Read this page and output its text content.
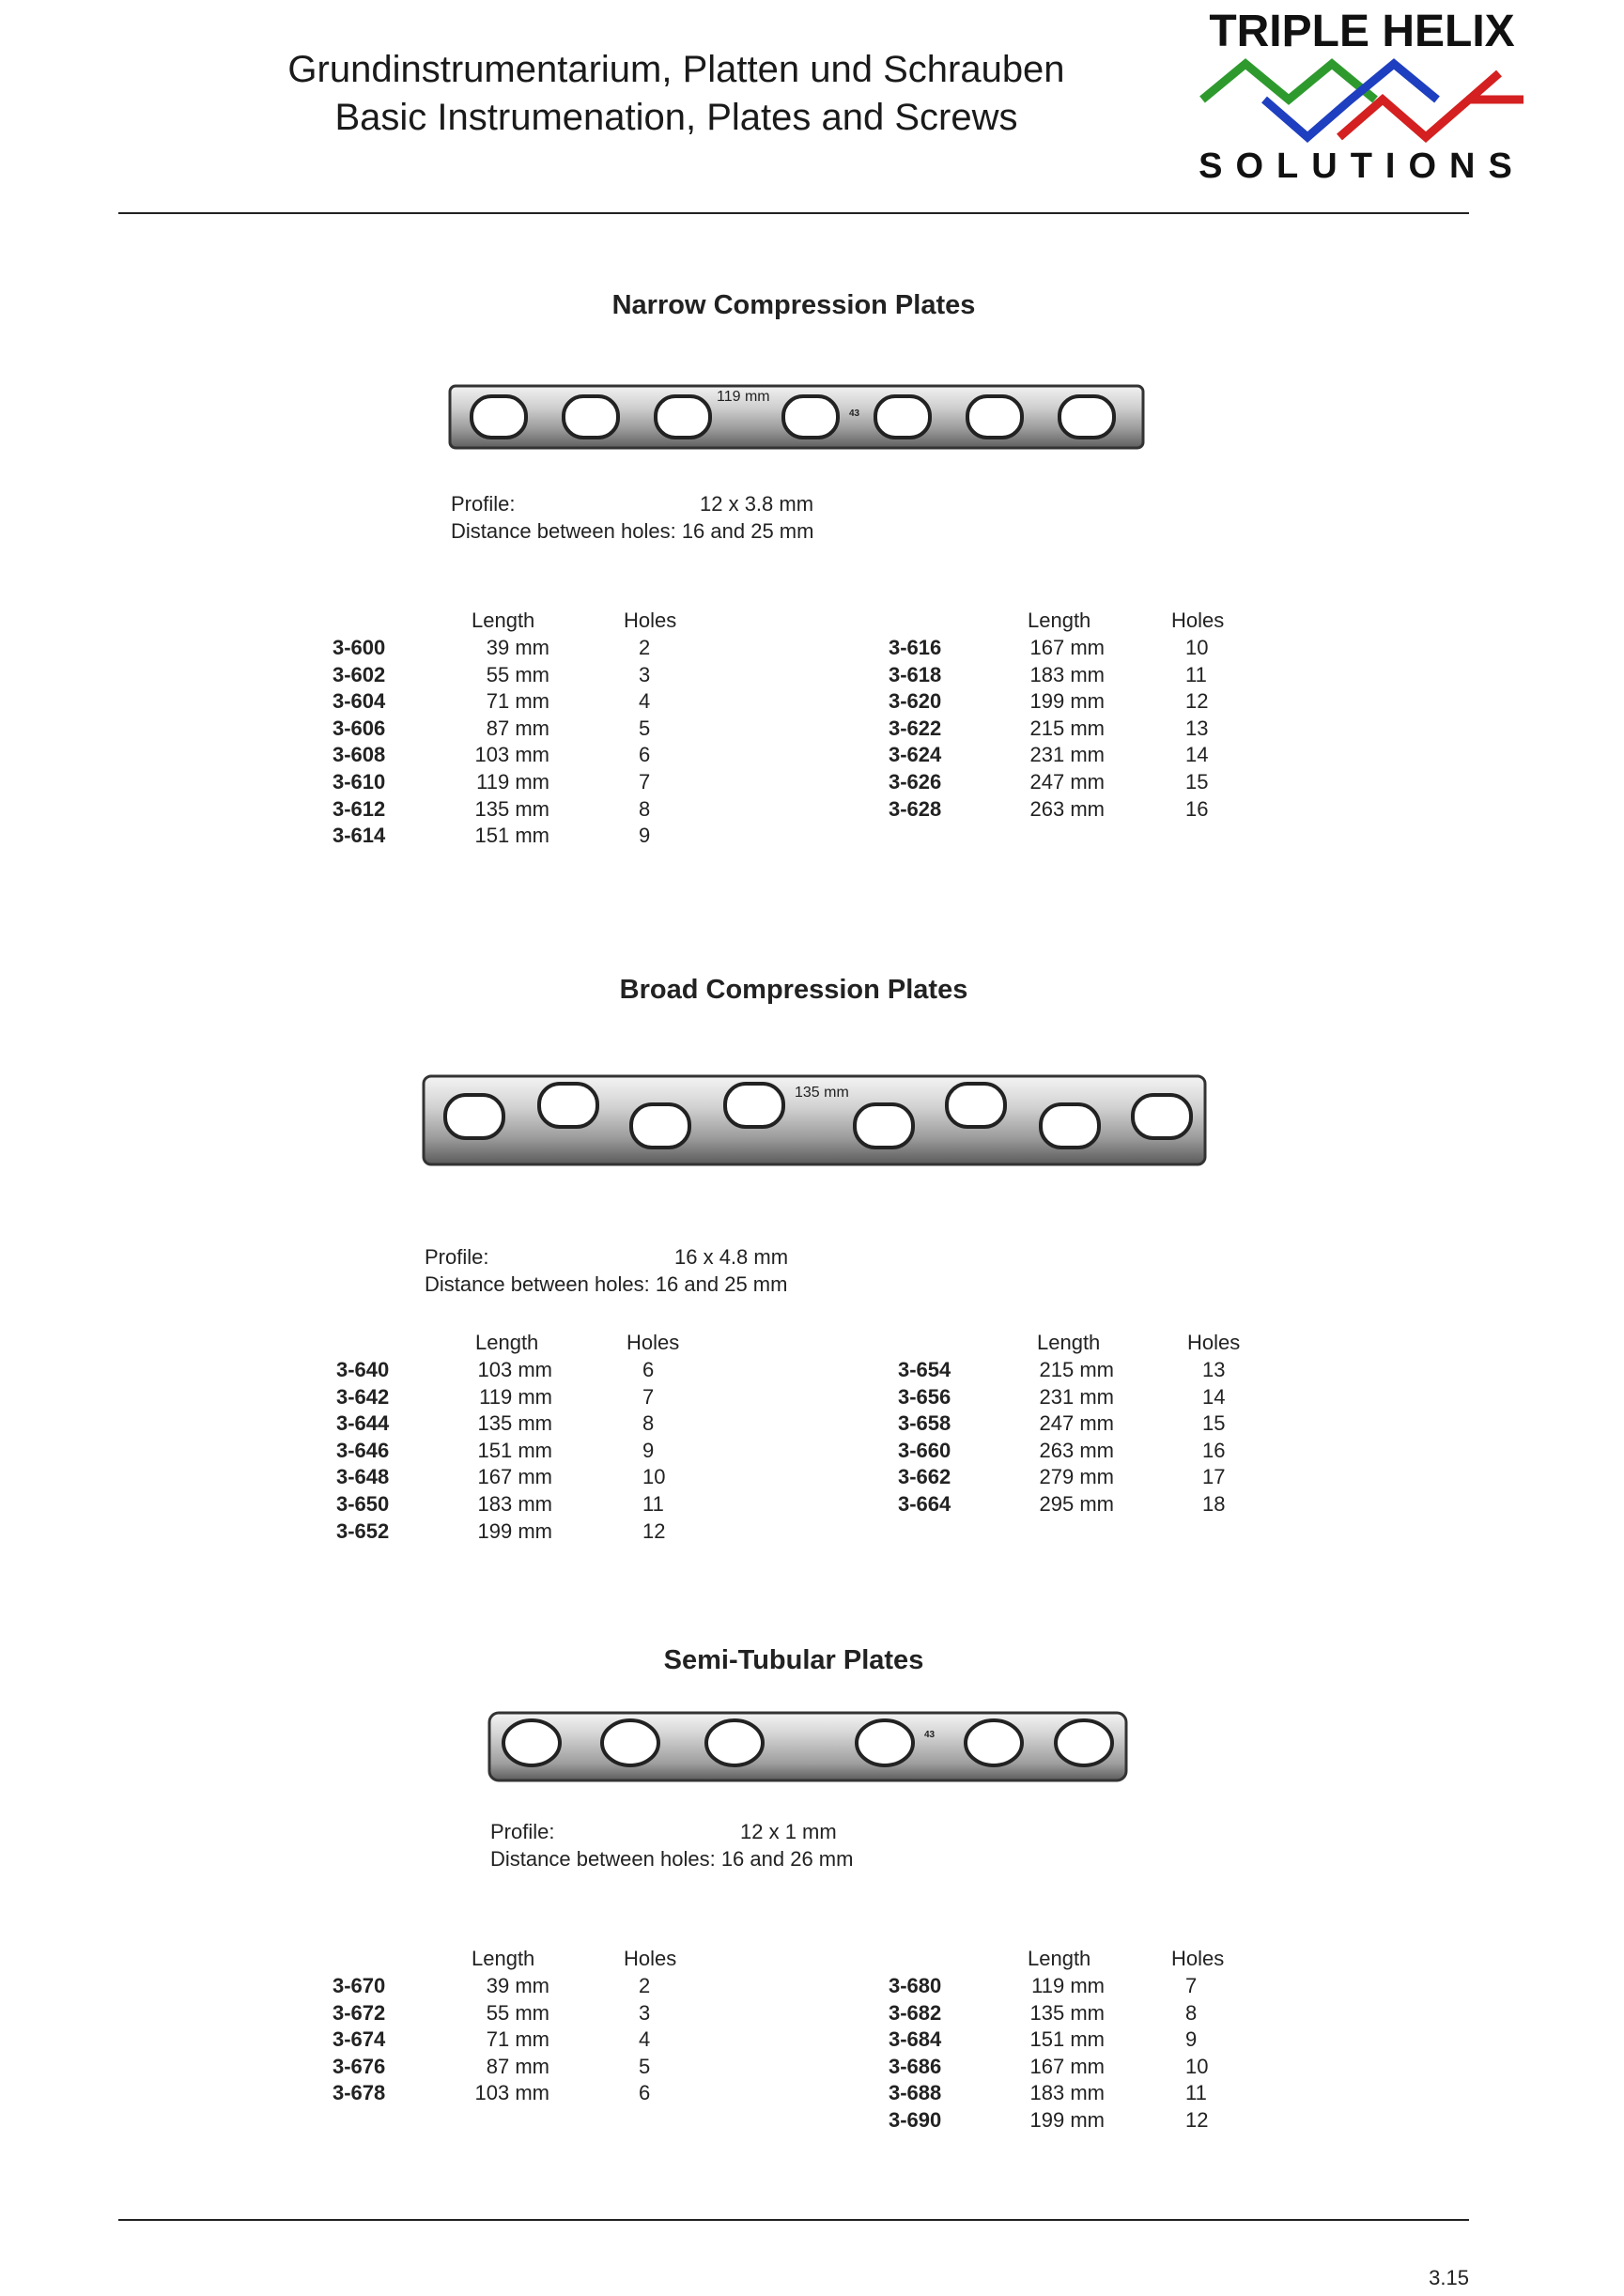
Grundinstrumentarium, Platten und Schrauben
Basic Instrumenation, Plates and Screws
TRIPLE HELIX
SOLUTIONS
Narrow Compression Plates
119 mm
43
Profile:	12 x 3.8 mm
Distance between holes: 16 and 25 mm
Length	Holes	Length	Holes
3-600	39 mm	2
3-602	55 mm	3
3-604	71 mm	4
3-606	87 mm	5
3-608	103 mm	6
3-610	119 mm	7
3-612	135 mm	8
3-614	151 mm	9
3-616	167 mm	10
3-618	183 mm	11
3-620	199 mm	12
3-622	215 mm	13
3-624	231 mm	14
3-626	247 mm	15
3-628	263 mm	16
Broad Compression Plates
135 mm
Profile:	16 x 4.8 mm
Distance between holes: 16 and 25 mm
Length	Holes	Length	Holes
3-640	103 mm	6
3-642	119 mm	7
3-644	135 mm	8
3-646	151 mm	9
3-648	167 mm	10
3-650	183 mm	11
3-652	199 mm	12
3-654	215 mm	13
3-656	231 mm	14
3-658	247 mm	15
3-660	263 mm	16
3-662	279 mm	17
3-664	295 mm	18
Semi-Tubular Plates
43
Profile:	12 x 1 mm
Distance between holes: 16 and 26 mm
Length	Holes	Length	Holes
3-670	39 mm	2
3-672	55 mm	3
3-674	71 mm	4
3-676	87 mm	5
3-678	103 mm	6
3-680	119 mm	7
3-682	135 mm	8
3-684	151 mm	9
3-686	167 mm	10
3-688	183 mm	11
3-690	199 mm	12
3.15
